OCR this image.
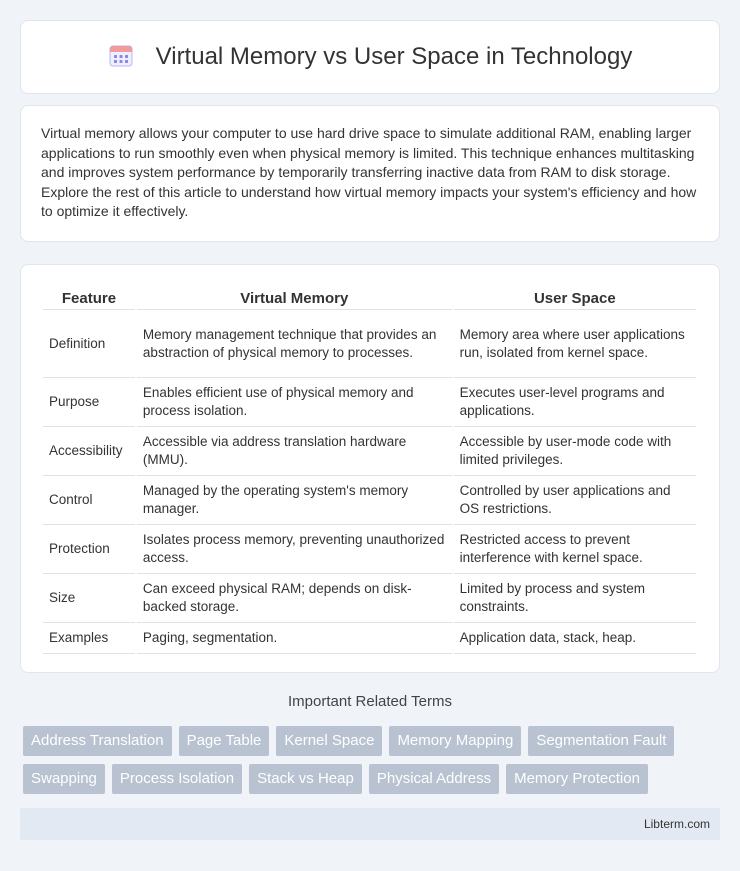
Virtual Memory vs User Space in Technology

Virtual memory allows your computer to use hard drive space to simulate additional RAM, enabling larger applications to run smoothly even when physical memory is limited. This technique enhances multitasking and improves system performance by temporarily transferring inactive data from RAM to disk storage. Explore the rest of this article to understand how virtual memory impacts your system's efficiency and how to optimize it effectively.

Feature	Virtual Memory	User Space
Definition	Memory management technique that provides an abstraction of physical memory to processes.	Memory area where user applications run, isolated from kernel space.
Purpose	Enables efficient use of physical memory and process isolation.	Executes user-level programs and applications.
Accessibility	Accessible via address translation hardware (MMU).	Accessible by user-mode code with limited privileges.
Control	Managed by the operating system's memory manager.	Controlled by user applications and OS restrictions.
Protection	Isolates process memory, preventing unauthorized access.	Restricted access to prevent interference with kernel space.
Size	Can exceed physical RAM; depends on disk-backed storage.	Limited by process and system constraints.
Examples	Paging, segmentation.	Application data, stack, heap.
Important Related Terms
Address Translation	Page Table	Kernel Space	Memory Mapping	Segmentation Fault
Swapping	Process Isolation	Stack vs Heap	Physical Address	Memory Protection
Libterm.com
